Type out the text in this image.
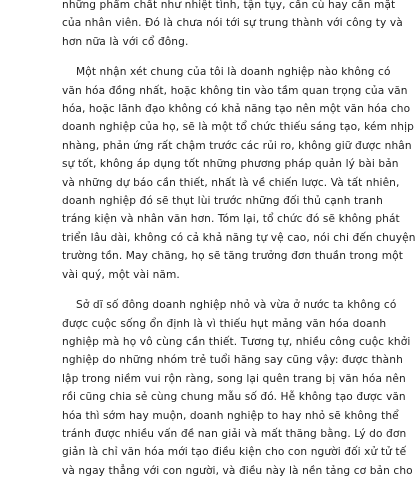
những phẩm chất như nhiệt tình, tận tụy, cần cù hay cần mặt
của nhân viên. Đó là chưa nói tới sự trung thành với công ty và
hơn nữa là với cổ đông.
Một nhận xét chung của tôi là doanh nghiệp nào không có
văn hóa đồng nhất, hoặc không tin vào tầm quan trọng của văn
hóa, hoặc lãnh đạo không có khả năng tạo nên một văn hóa cho
doanh nghiệp của họ, sẽ là một tổ chức thiếu sáng tạo, kém nhịp
nhàng, phản ứng rất chậm trước các rủi ro, không giữ được nhân
sự tốt, không áp dụng tốt những phương pháp quản lý bài bản
và những dự báo cần thiết, nhất là về chiến lược. Và tất nhiên,
doanh nghiệp đó sẽ thụt lùi trước những đối thủ cạnh tranh
tráng kiện và nhân văn hơn. Tóm lại, tổ chức đó sẽ không phát
triển lâu dài, không có cả khả năng tự vệ cao, nói chi đến chuyện
trường tồn. May chăng, họ sẽ tăng trưởng đơn thuần trong một
vài quý, một vài năm.
Sở dĩ số đông doanh nghiệp nhỏ và vừa ở nước ta không có
được cuộc sống ổn định là vì thiếu hụt mảng văn hóa doanh
nghiệp mà họ vô cùng cần thiết. Tương tự, nhiều công cuộc khởi
nghiệp do những nhóm trẻ tuổi hăng say cũng vậy: được thành
lập trong niềm vui rộn ràng, song lại quên trang bị văn hóa nên
rồi cũng chia sẻ cùng chung mẫu số đó. Hễ không tạo được văn
hóa thì sớm hay muộn, doanh nghiệp to hay nhỏ sẽ không thể
tránh được nhiều vấn đề nan giải và mất thăng bằng. Lý do đơn
giản là chỉ văn hóa mới tạo điều kiện cho con người đối xử tử tế
và ngay thẳng với con người, và điều này là nền tảng cơ bản cho
